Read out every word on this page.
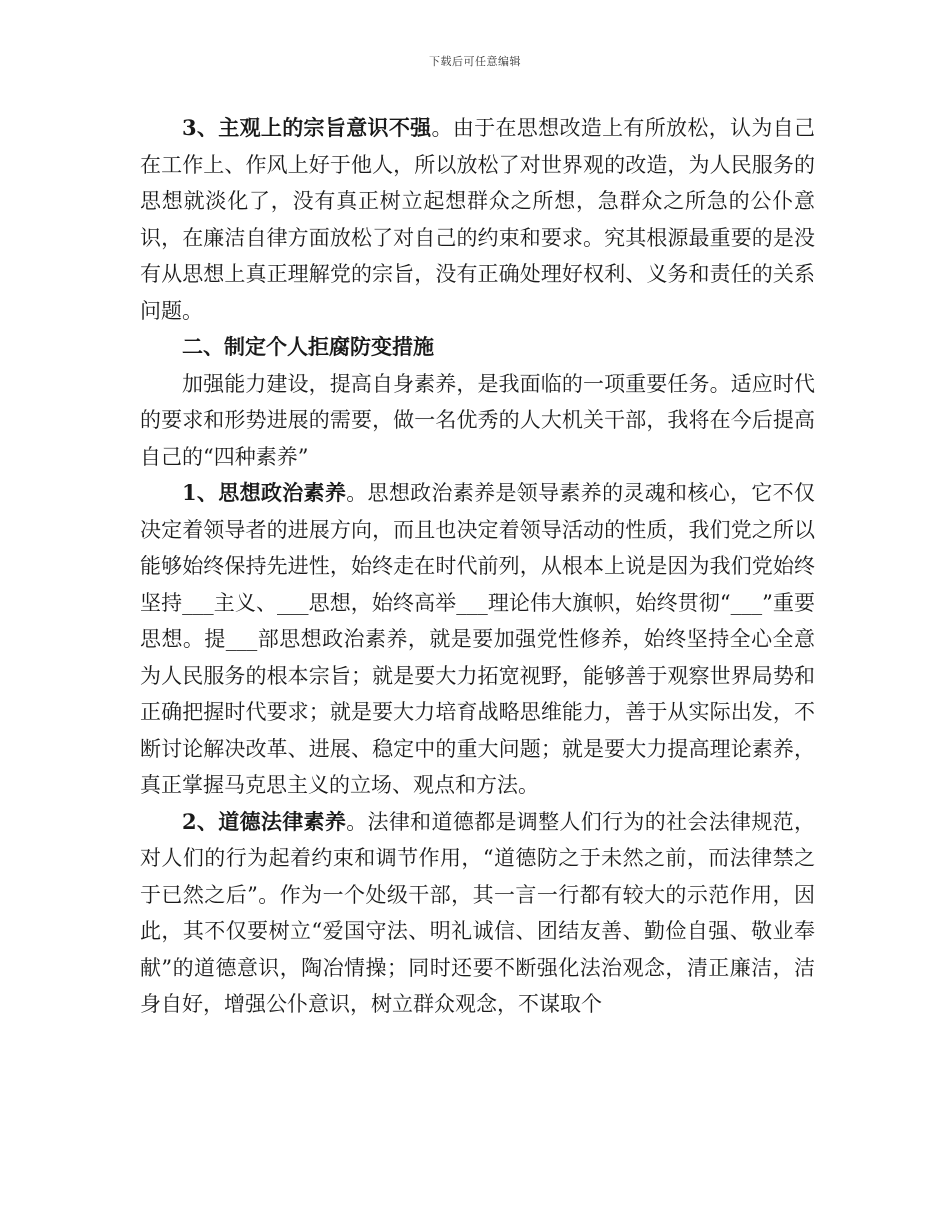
下载后可任意编辑

3、主观上的宗旨意识不强。由于在思想改造上有所放松，认为自己在工作上、作风上好于他人，所以放松了对世界观的改造，为人民服务的思想就淡化了，没有真正树立起想群众之所想，急群众之所急的公仆意识，在廉洁自律方面放松了对自己的约束和要求。究其根源最重要的是没有从思想上真正理解党的宗旨，没有正确处理好权利、义务和责任的关系问题。

二、制定个人拒腐防变措施

加强能力建设，提高自身素养，是我面临的一项重要任务。适应时代的要求和形势进展的需要，做一名优秀的人大机关干部，我将在今后提高自己的“四种素养”

1、思想政治素养。思想政治素养是领导素养的灵魂和核心，它不仅决定着领导者的进展方向，而且也决定着领导活动的性质，我们党之所以能够始终保持先进性，始终走在时代前列，从根本上说是因为我们党始终坚持___主义、___思想，始终高举___理论伟大旗帜，始终贯彻“___”重要思想。提___部思想政治素养，就是要加强党性修养，始终坚持全心全意为人民服务的根本宗旨；就是要大力拓宽视野，能够善于观察世界局势和正确把握时代要求；就是要大力培育战略思维能力，善于从实际出发，不断讨论解决改革、进展、稳定中的重大问题；就是要大力提高理论素养，真正掌握马克思主义的立场、观点和方法。

2、道德法律素养。法律和道德都是调整人们行为的社会法律规范，对人们的行为起着约束和调节作用，“道德防之于未然之前，而法律禁之于已然之后”。作为一个处级干部，其一言一行都有较大的示范作用，因此，其不仅要树立“爱国守法、明礼诚信、团结友善、勤俭自强、敬业奉献”的道德意识，陶冶情操；同时还要不断强化法治观念，清正廉洁，洁身自好，增强公仆意识，树立群众观念，不谋取个
